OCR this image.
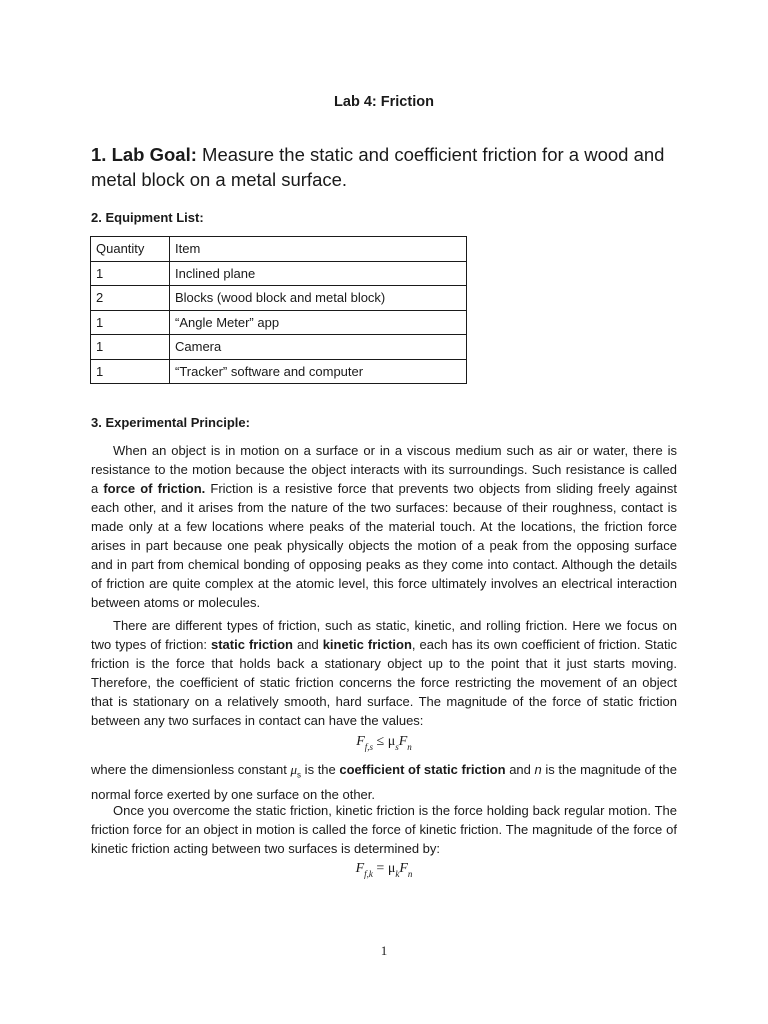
Lab 4: Friction
1. Lab Goal: Measure the static and coefficient friction for a wood and metal block on a metal surface.
2. Equipment List:
Quantity	Item
1	Inclined plane
2	Blocks (wood block and metal block)
1	“Angle Meter” app
1	Camera
1	“Tracker” software and computer
3. Experimental Principle:

When an object is in motion on a surface or in a viscous medium such as air or water, there is resistance to the motion because the object interacts with its surroundings. Such resistance is called a force of friction. Friction is a resistive force that prevents two objects from sliding freely against each other, and it arises from the nature of the two surfaces: because of their roughness, contact is made only at a few locations where peaks of the material touch. At the locations, the friction force arises in part because one peak physically objects the motion of a peak from the opposing surface and in part from chemical bonding of opposing peaks as they come into contact. Although the details of friction are quite complex at the atomic level, this force ultimately involves an electrical interaction between atoms or molecules.

There are different types of friction, such as static, kinetic, and rolling friction. Here we focus on two types of friction: static friction and kinetic friction, each has its own coefficient of friction. Static friction is the force that holds back a stationary object up to the point that it just starts moving. Therefore, the coefficient of static friction concerns the force restricting the movement of an object that is stationary on a relatively smooth, hard surface. The magnitude of the force of static friction between any two surfaces in contact can have the values:

$F_{f,s} \le \mu_sF_n$

where the dimensionless constant $\mu_s$ is the coefficient of static friction and n is the magnitude of the normal force exerted by one surface on the other.

Once you overcome the static friction, kinetic friction is the force holding back regular motion. The friction force for an object in motion is called the force of kinetic friction. The magnitude of the force of kinetic friction acting between two surfaces is determined by:

$F_{f,k} = \mu_kF_n$
1
